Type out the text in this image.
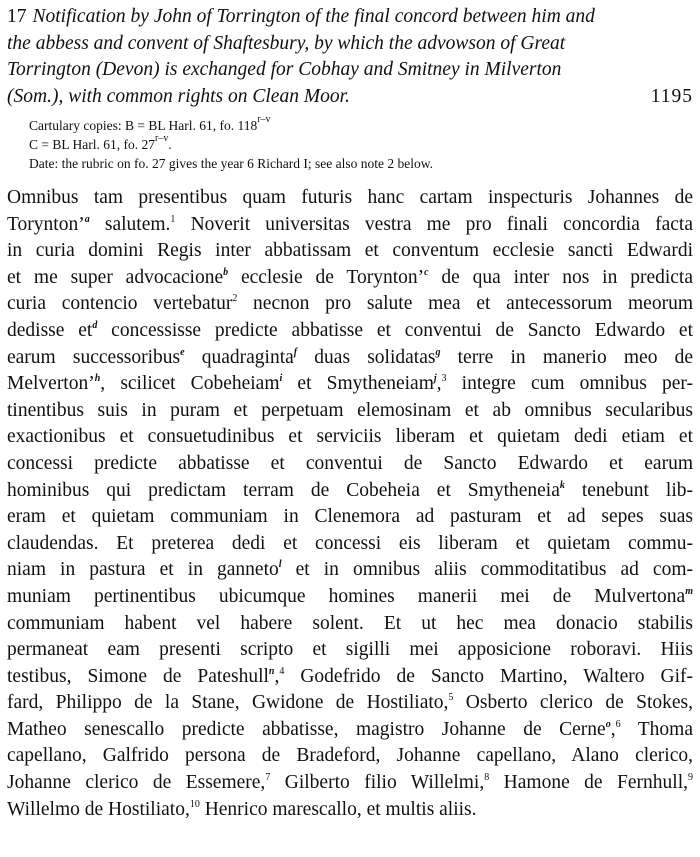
17 Notification by John of Torrington of the final concord between him and
the abbess and convent of Shaftesbury, by which the advowson of Great
Torrington (Devon) is exchanged for Cobhay and Smitney in Milverton

(Som.), with common rights on Clean Moor.	1195
Cartulary copies: B = BL Harl. 61, fo. 118$^{r-v}$
C = BL Harl. 61, fo. 27$^{r-v}$.
Date: the rubric on fo. 27 gives the year 6 Richard I; see also note 2 below.
Omnibus tam presentibus quam futuris hanc cartam inspecturis Johannes de
Torynton’$^a$ salutem.$^1$ Noverit universitas vestra me pro finali concordia facta
in curia domini Regis inter abbatissam et conventum ecclesie sancti Edwardi
et me super advocacione$^b$ ecclesie de Torynton’$^c$ de qua inter nos in predicta
curia contencio vertebatur$^2$ necnon pro salute mea et antecessorum meorum
dedisse $et^d$ concessisse predicte abbatisse et conventui de Sancto Edwardo et
earum successoribus$^e$ quadraginta$^f$ duas solidatas$^g$ terre in manerio meo de
Melverton’$^h$, scilicet Cobeheiam$^i$ et Smytheneiam$^j$,$^3$ integre cum omnibus per-
tinentibus suis in puram et perpetuam elemosinam et ab omnibus secularibus
exactionibus et consuetudinibus et serviciis liberam et quietam dedi etiam et
concessi predicte abbatisse et conventui de Sancto Edwardo et earum
hominibus qui predictam terram de Cobeheia et Smytheneia$^k$ tenebunt lib-
eram et quietam communiam in Clenemora ad pasturam et ad sepes suas
claudendas. Et preterea dedi et concessi eis liberam et quietam commu-
niam in pastura et in ganneto$^l$ et in omnibus aliis commoditatibus ad com-
muniam pertinentibus ubicumque homines manerii mei de Mulvertona$^m$
communiam habent vel habere solent. Et ut hec mea donacio stabilis
permaneat eam presenti scripto et sigilli mei apposicione roboravi. Hiis
testibus, Simone de Pateshull$^n$,$^4$ Godefrido de Sancto Martino, Waltero Gif-
fard, Philippo de la Stane, Gwidone de Hostiliato,$^5$ Osberto clerico de Stokes,
Matheo senescallo predicte abbatisse, magistro Johanne de Cerne$^o$,$^6$ Thoma
capellano, Galfrido persona de Bradeford, Johanne capellano, Alano clerico,
Johanne clerico de Essemere,$^7$ Gilberto filio Willelmi,$^8$ Hamone de Fernhull,$^9$
Willelmo de Hostiliato,$^{10}$ Henrico marescallo, et multis aliis.
